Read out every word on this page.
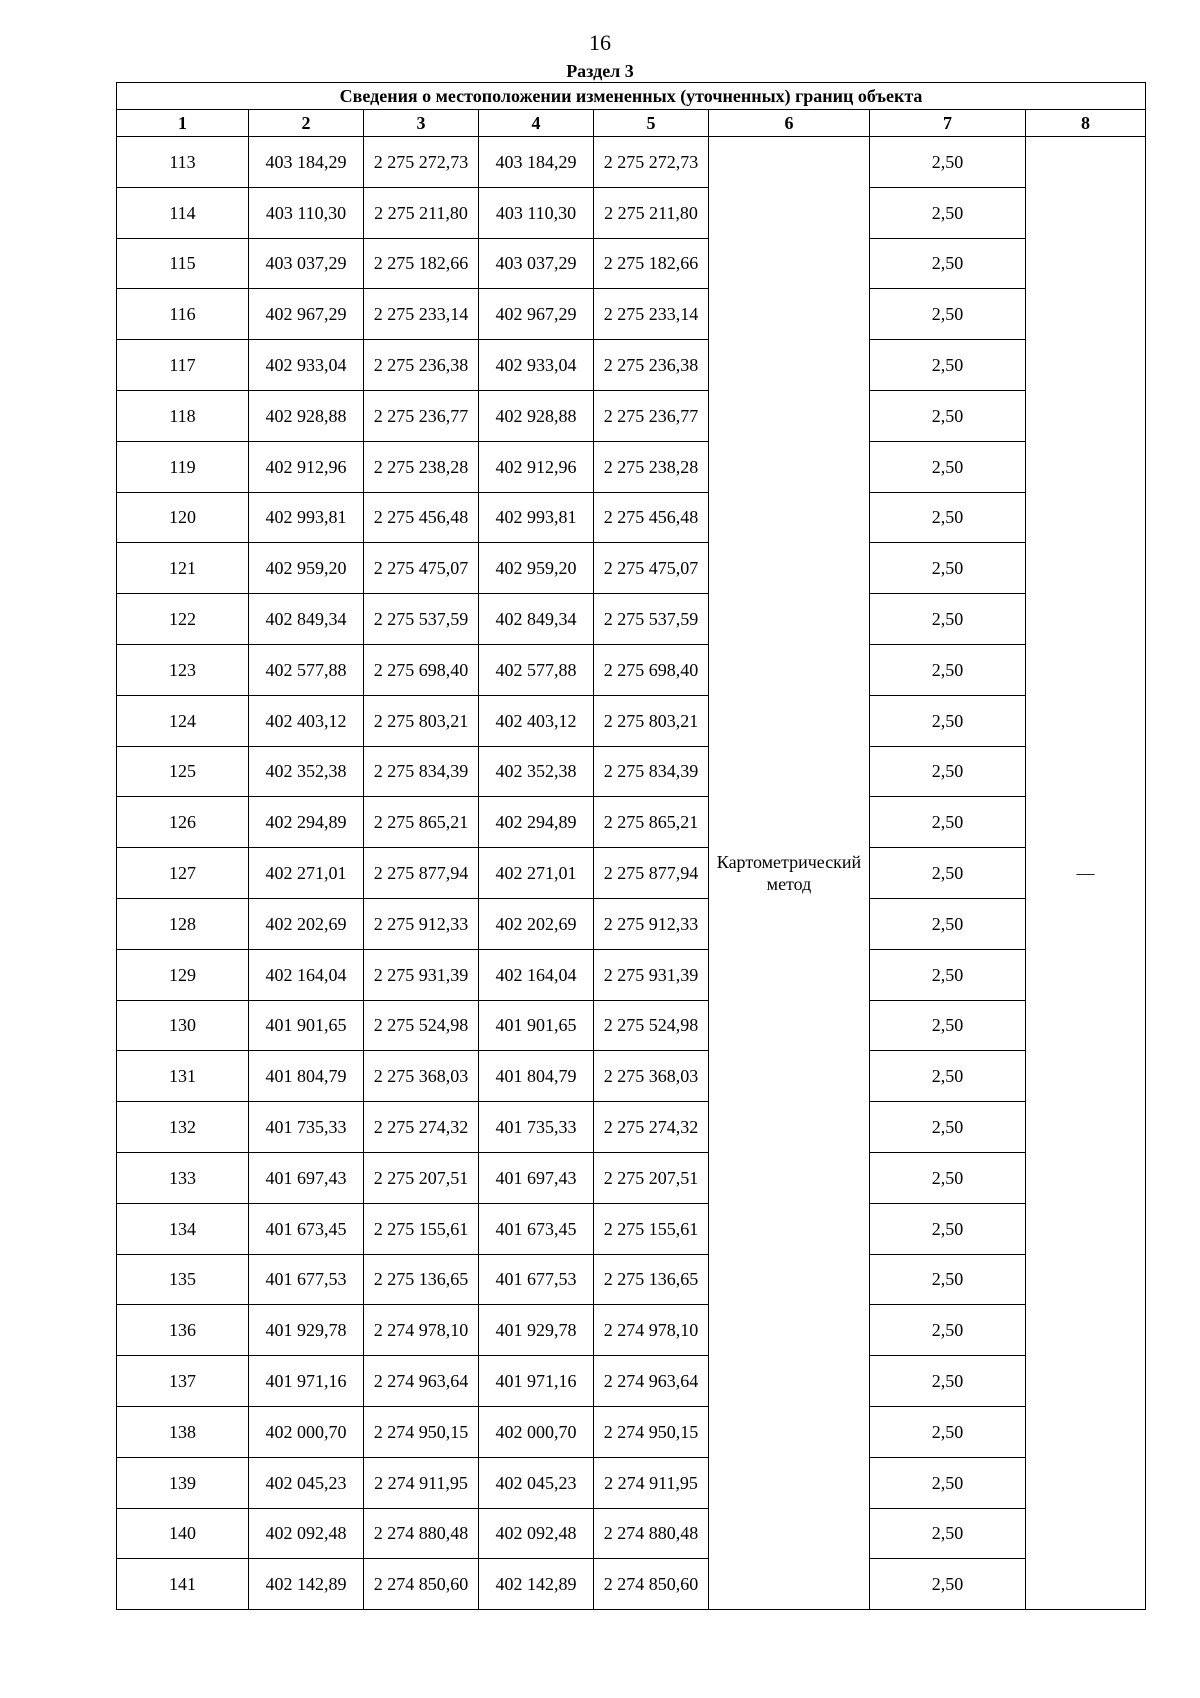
16
Раздел 3
Сведения о местоположении измененных (уточненных) границ объекта							
1	2	3	4	5	6	7	8
113	403 184,29	2 275 272,73	403 184,29	2 275 272,73	Картометрический метод	2,50	—
114	403 110,30	2 275 211,80	403 110,30	2 275 211,80		2,50	
115	403 037,29	2 275 182,66	403 037,29	2 275 182,66		2,50	
116	402 967,29	2 275 233,14	402 967,29	2 275 233,14		2,50	
117	402 933,04	2 275 236,38	402 933,04	2 275 236,38		2,50	
118	402 928,88	2 275 236,77	402 928,88	2 275 236,77		2,50	
119	402 912,96	2 275 238,28	402 912,96	2 275 238,28		2,50	
120	402 993,81	2 275 456,48	402 993,81	2 275 456,48		2,50	
121	402 959,20	2 275 475,07	402 959,20	2 275 475,07		2,50	
122	402 849,34	2 275 537,59	402 849,34	2 275 537,59		2,50	
123	402 577,88	2 275 698,40	402 577,88	2 275 698,40		2,50	
124	402 403,12	2 275 803,21	402 403,12	2 275 803,21		2,50	
125	402 352,38	2 275 834,39	402 352,38	2 275 834,39		2,50	
126	402 294,89	2 275 865,21	402 294,89	2 275 865,21		2,50	
127	402 271,01	2 275 877,94	402 271,01	2 275 877,94		2,50	
128	402 202,69	2 275 912,33	402 202,69	2 275 912,33		2,50	
129	402 164,04	2 275 931,39	402 164,04	2 275 931,39		2,50	
130	401 901,65	2 275 524,98	401 901,65	2 275 524,98		2,50	
131	401 804,79	2 275 368,03	401 804,79	2 275 368,03		2,50	
132	401 735,33	2 275 274,32	401 735,33	2 275 274,32		2,50	
133	401 697,43	2 275 207,51	401 697,43	2 275 207,51		2,50	
134	401 673,45	2 275 155,61	401 673,45	2 275 155,61		2,50	
135	401 677,53	2 275 136,65	401 677,53	2 275 136,65		2,50	
136	401 929,78	2 274 978,10	401 929,78	2 274 978,10		2,50	
137	401 971,16	2 274 963,64	401 971,16	2 274 963,64		2,50	
138	402 000,70	2 274 950,15	402 000,70	2 274 950,15		2,50	
139	402 045,23	2 274 911,95	402 045,23	2 274 911,95		2,50	
140	402 092,48	2 274 880,48	402 092,48	2 274 880,48		2,50	
141	402 142,89	2 274 850,60	402 142,89	2 274 850,60		2,50	
